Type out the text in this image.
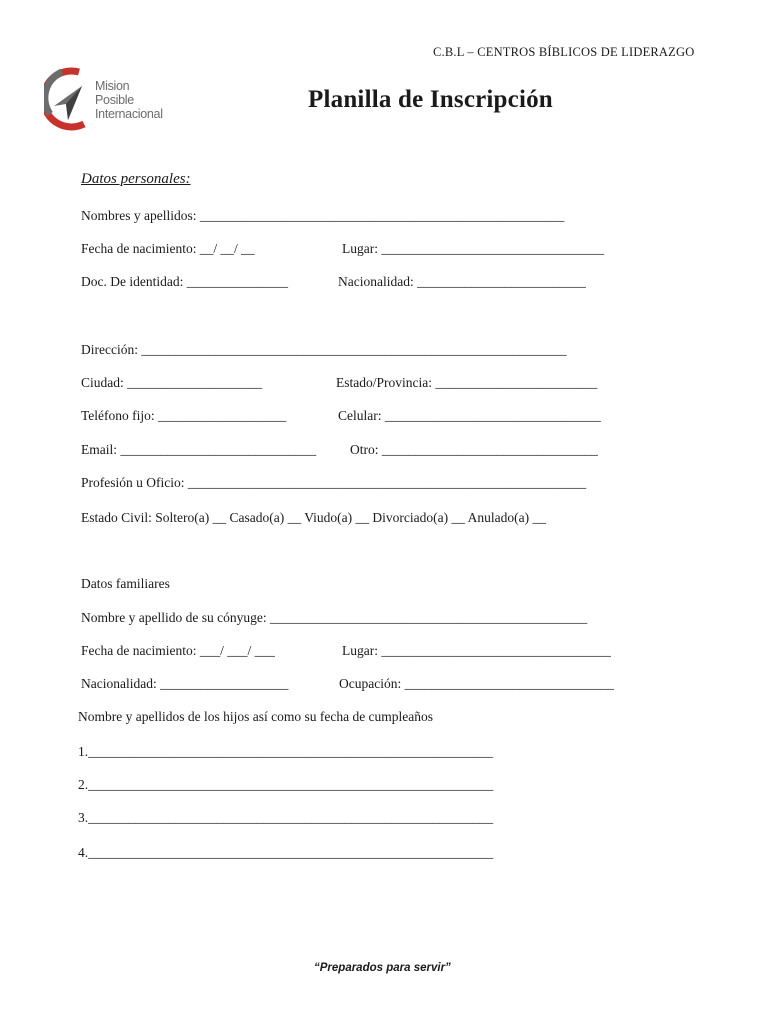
C.B.L – CENTROS BÍBLICOS DE LIDERAZGO
Mision
Posible
Internacional
Planilla de Inscripción
Datos personales:
Nombres y apellidos: ______________________________________________________
Fecha de nacimiento: __/ __/ __	Lugar: _________________________________
Doc. De identidad: _______________	Nacionalidad: _________________________
Dirección: _______________________________________________________________
Ciudad: ____________________	Estado/Provincia: ________________________
Teléfono fijo: ___________________	Celular: ________________________________
Email: _____________________________	Otro: ________________________________
Profesión u Oficio: ___________________________________________________________
Estado Civil: Soltero(a) __ Casado(a) __ Viudo(a) __ Divorciado(a) __ Anulado(a) __
Datos familiares
Nombre y apellido de su cónyuge: _______________________________________________
Fecha de nacimiento: ___/ ___/ ___	Lugar: __________________________________
Nacionalidad: ___________________	Ocupación: _______________________________
Nombre y apellidos de los hijos así como su fecha de cumpleaños
1.____________________________________________________________
2.____________________________________________________________
3.____________________________________________________________
4.____________________________________________________________
“Preparados para servir”
